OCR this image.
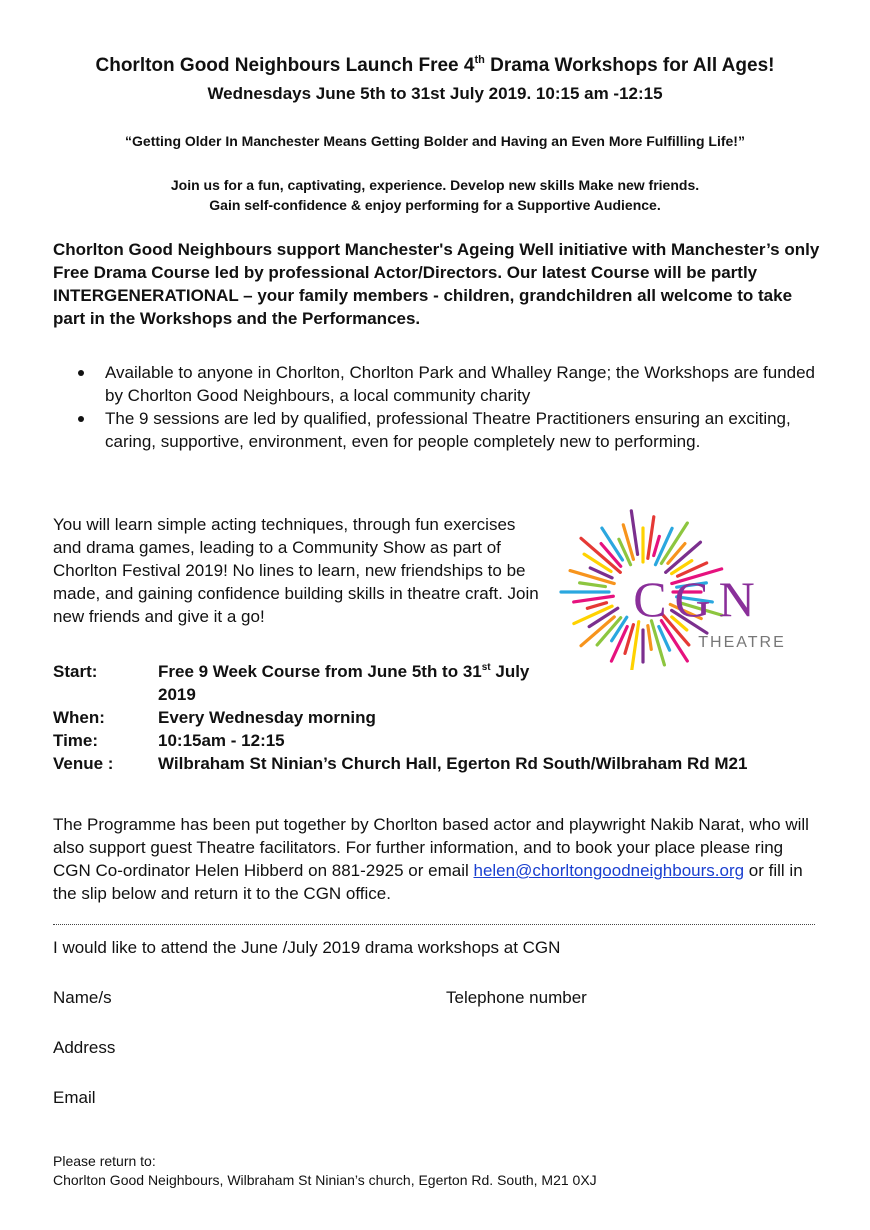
Chorlton Good Neighbours Launch Free 4th Drama Workshops for All Ages!
Wednesdays June 5th to 31st July 2019. 10:15 am -12:15
“Getting Older In Manchester Means Getting Bolder and Having an Even More Fulfilling Life!”
Join us for a fun, captivating, experience. Develop new skills Make new friends.
Gain self-confidence & enjoy performing for a Supportive Audience.
Chorlton Good Neighbours support Manchester's Ageing Well initiative with Manchester’s only Free Drama Course led by professional Actor/Directors. Our latest Course will be partly INTERGENERATIONAL – your family members - children, grandchildren all welcome to take part in the Workshops and the Performances.
Available to anyone in Chorlton, Chorlton Park and Whalley Range; the Workshops are funded by Chorlton Good Neighbours, a local community charity
The 9 sessions are led by qualified, professional Theatre Practitioners ensuring an exciting, caring, supportive, environment, even for people completely new to performing.
You will learn simple acting techniques, through fun exercises and drama games, leading to a Community Show as part of Chorlton Festival 2019! No lines to learn, new friendships to be made, and gaining confidence building skills in theatre craft. Join new friends and give it a go!	CGN
THEATRE
Start:	Free 9 Week Course from June 5th to 31st July
2019
When:	Every Wednesday morning
Time:	10:15am - 12:15
Venue :	Wilbraham St Ninian’s Church Hall, Egerton Rd South/Wilbraham Rd M21
The Programme has been put together by Chorlton based actor and playwright Nakib Narat, who will also support guest Theatre facilitators. For further information, and to book your place please ring CGN Co-ordinator Helen Hibberd on 881-2925 or email helen@chorltongoodneighbours.org or fill in the slip below and return it to the CGN office.
I would like to attend the June /July 2019 drama workshops at CGN
Name/s	Telephone number
Address
Email
Please return to:
Chorlton Good Neighbours, Wilbraham St Ninian’s church, Egerton Rd. South, M21 0XJ
